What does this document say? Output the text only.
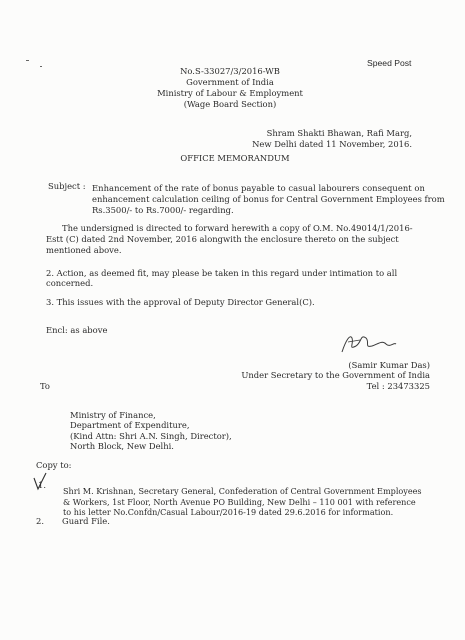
Speed Post
No.S-33027/3/2016-WB
Government of India
Ministry of Labour & Employment
(Wage Board Section)
Shram Shakti Bhawan, Rafi Marg,
New Delhi dated 11 November, 2016.
OFFICE MEMORANDUM
Subject : Enhancement of the rate of bonus payable to casual labourers consequent on
enhancement calculation ceiling of bonus for Central Government Employees from
Rs.3500/- to Rs.7000/- regarding.
The undersigned is directed to forward herewith a copy of O.M. No.49014/1/2016-
Estt (C) dated 2nd November, 2016 alongwith the enclosure thereto on the subject
mentioned above.
2. Action, as deemed fit, may please be taken in this regard under intimation to all
concerned.
3. This issues with the approval of Deputy Director General(C).
Encl: as above
(Samir Kumar Das)
Under Secretary to the Government of India
Tel : 23473325
To
Ministry of Finance,
Department of Expenditure,
(Kind Attn: Shri A.N. Singh, Director),
North Block, New Delhi.
Copy to:
1.
Shri M. Krishnan, Secretary General, Confederation of Central Government Employees
& Workers, 1st Floor, North Avenue PO Building, New Delhi – 110 001 with reference
to his letter No.Confdn/Casual Labour/2016-19 dated 29.6.2016 for information.
2. Guard File.
